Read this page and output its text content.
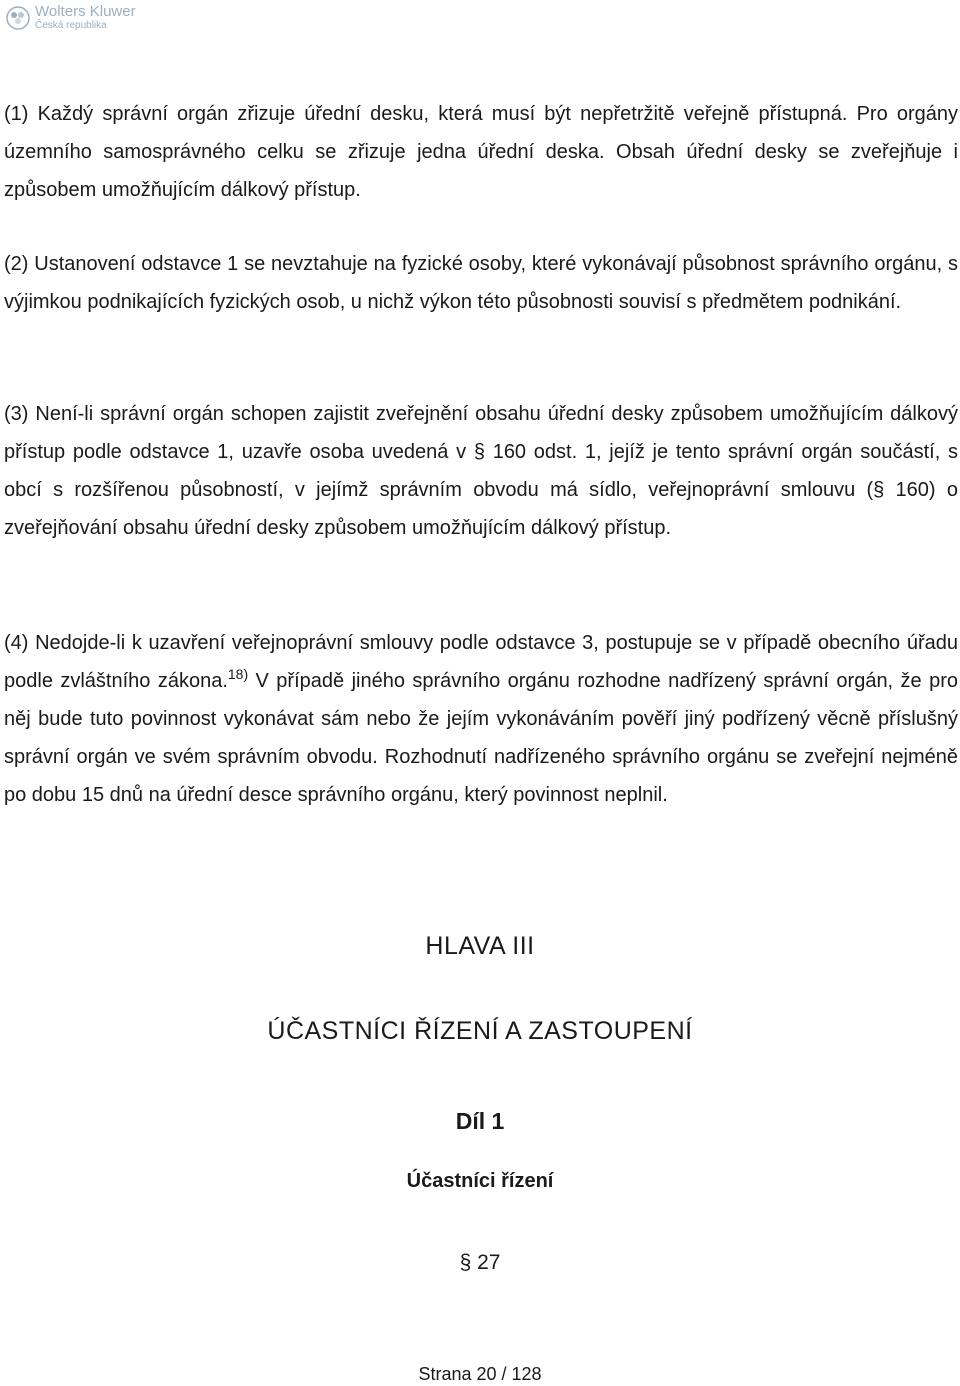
Wolters Kluwer
Česká republika

(1) Každý správní orgán zřizuje úřední desku, která musí být nepřetržitě veřejně přístupná. Pro orgány územního samosprávného celku se zřizuje jedna úřední deska. Obsah úřední desky se zveřejňuje i způsobem umožňujícím dálkový přístup.

(2) Ustanovení odstavce 1 se nevztahuje na fyzické osoby, které vykonávají působnost správního orgánu, s výjimkou podnikajících fyzických osob, u nichž výkon této působnosti souvisí s předmětem podnikání.

(3) Není-li správní orgán schopen zajistit zveřejnění obsahu úřední desky způsobem umožňujícím dálkový přístup podle odstavce 1, uzavře osoba uvedená v § 160 odst. 1, jejíž je tento správní orgán součástí, s obcí s rozšířenou působností, v jejímž správním obvodu má sídlo, veřejnoprávní smlouvu (§ 160) o zveřejňování obsahu úřední desky způsobem umožňujícím dálkový přístup.

(4) Nedojde-li k uzavření veřejnoprávní smlouvy podle odstavce 3, postupuje se v případě obecního úřadu podle zvláštního zákona.$^{18)}$ V případě jiného správního orgánu rozhodne nadřízený správní orgán, že pro něj bude tuto povinnost vykonávat sám nebo že jejím vykonáváním pověří jiný podřízený věcně příslušný správní orgán ve svém správním obvodu. Rozhodnutí nadřízeného správního orgánu se zveřejní nejméně po dobu 15 dnů na úřední desce správního orgánu, který povinnost neplnil.

HLAVA III
ÚČASTNÍCI ŘÍZENÍ A ZASTOUPENÍ
Díl 1
Účastníci řízení
§ 27
Strana 20 / 128
